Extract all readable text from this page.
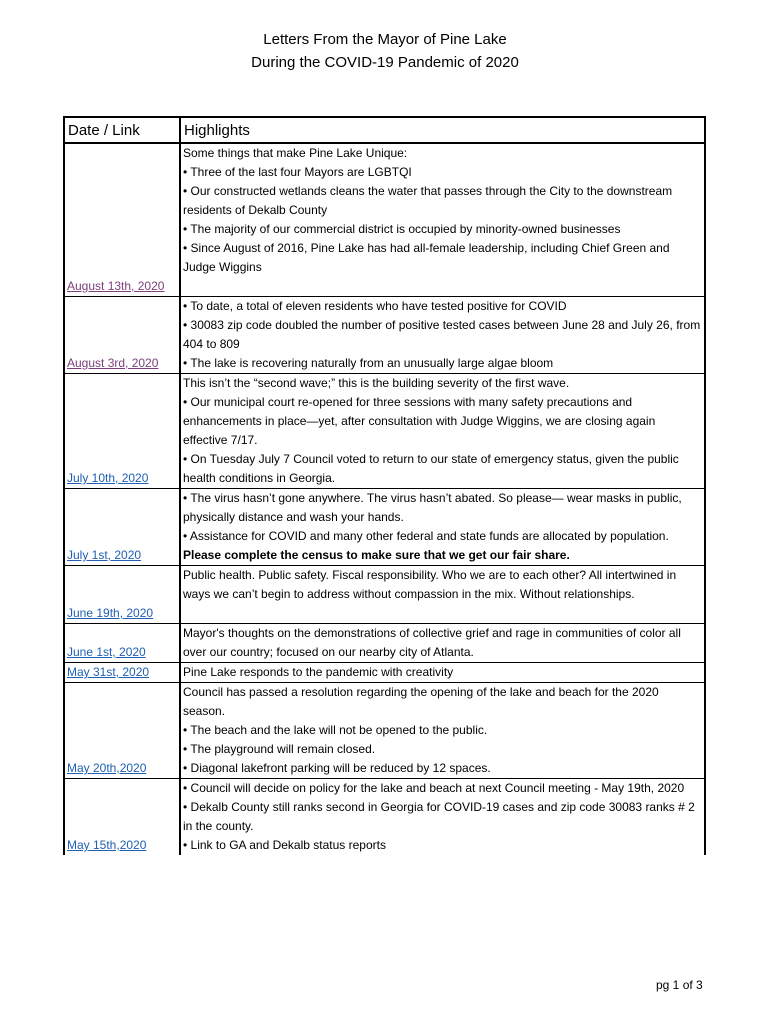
Letters From the Mayor of Pine Lake
During the COVID-19 Pandemic of 2020
Date / Link	Highlights
August 13th, 2020	Some things that make Pine Lake Unique:
• Three of the last four Mayors are LGBTQI
• Our constructed wetlands cleans the water that passes through the City to the downstream residents of Dekalb County
• The majority of our commercial district is occupied by minority-owned businesses
• Since August of 2016, Pine Lake has had all-female leadership, including Chief Green and Judge Wiggins

August 3rd, 2020	• To date, a total of eleven residents who have tested positive for COVID
• 30083 zip code doubled the number of positive tested cases between June 28 and July 26, from 404 to 809
• The lake is recovering naturally from an unusually large algae bloom

July 10th, 2020	This isn’t the “second wave;” this is the building severity of the first wave.
• Our municipal court re-opened for three sessions with many safety precautions and enhancements in place—yet, after consultation with Judge Wiggins, we are closing again effective 7/17.
• On Tuesday July 7 Council voted to return to our state of emergency status, given the public health conditions in Georgia.

July 1st, 2020	• The virus hasn’t gone anywhere. The virus hasn’t abated. So please— wear masks in public, physically distance and wash your hands.
• Assistance for COVID and many other federal and state funds are allocated by population.
Please complete the census to make sure that we get our fair share.

June 19th, 2020	Public health. Public safety. Fiscal responsibility. Who we are to each other? All intertwined in ways we can’t begin to address without compassion in the mix. Without relationships.

June 1st, 2020	Mayor's thoughts on the demonstrations of collective grief and rage in communities of color all over our country; focused on our nearby city of Atlanta.

May 31st, 2020	Pine Lake responds to the pandemic with creativity

May 20th,2020	Council has passed a resolution regarding the opening of the lake and beach for the 2020 season.
• The beach and the lake will not be opened to the public.
• The playground will remain closed.
• Diagonal lakefront parking will be reduced by 12 spaces.

May 15th,2020	• Council will decide on policy for the lake and beach at next Council meeting - May 19th, 2020
• Dekalb County still ranks second in Georgia for COVID-19 cases and zip code 30083 ranks # 2 in the county.
• Link to GA and Dekalb status reports
pg 1 of 3
